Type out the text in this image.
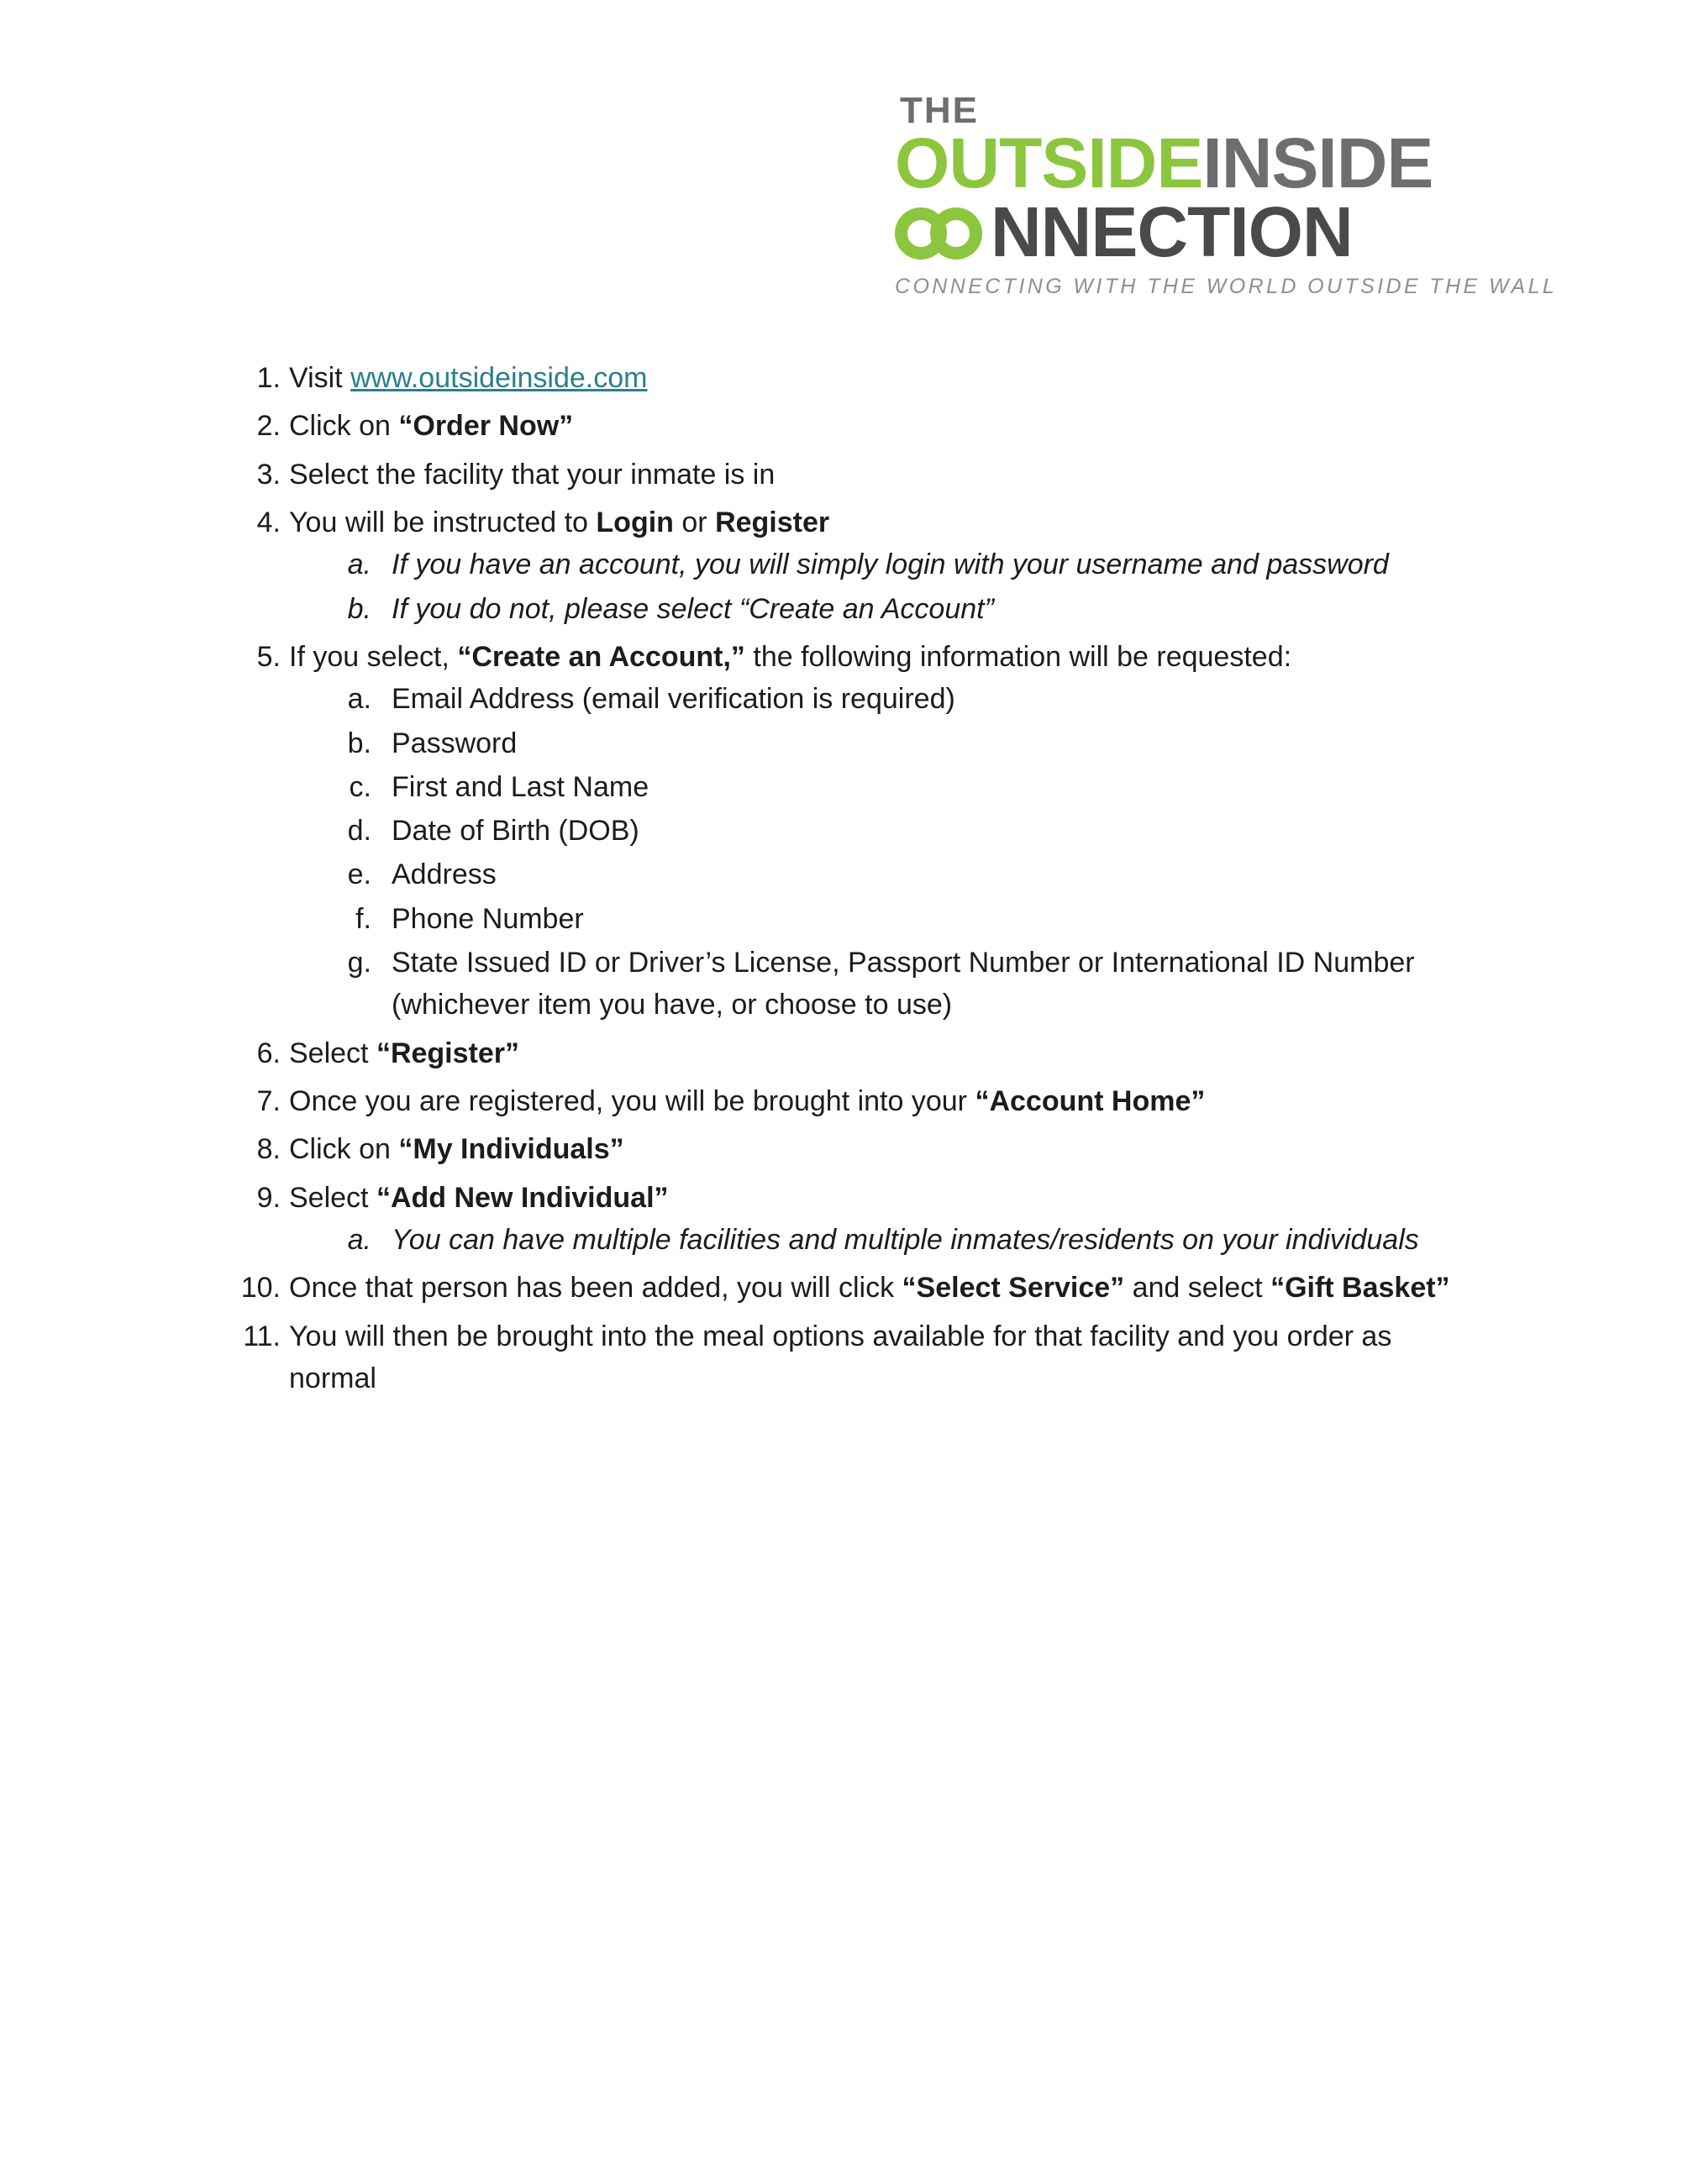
THE
OUTSIDEINSIDE
NNECTION
CONNECTING WITH THE WORLD OUTSIDE THE WALL
1. Visit www.outsideinside.com
2. Click on “Order Now”
3. Select the facility that your inmate is in
4. You will be instructed to Login or Register
a. If you have an account, you will simply login with your username and password
b. If you do not, please select “Create an Account”
5. If you select, “Create an Account,” the following information will be requested:
a. Email Address (email verification is required)
b. Password
c. First and Last Name
d. Date of Birth (DOB)
e. Address
f. Phone Number
g. State Issued ID or Driver’s License, Passport Number or International ID Number (whichever item you have, or choose to use)
6. Select “Register”
7. Once you are registered, you will be brought into your “Account Home”
8. Click on “My Individuals”
9. Select “Add New Individual”
a. You can have multiple facilities and multiple inmates/residents on your individuals
10. Once that person has been added, you will click “Select Service” and select “Gift Basket”
11. You will then be brought into the meal options available for that facility and you order as normal
